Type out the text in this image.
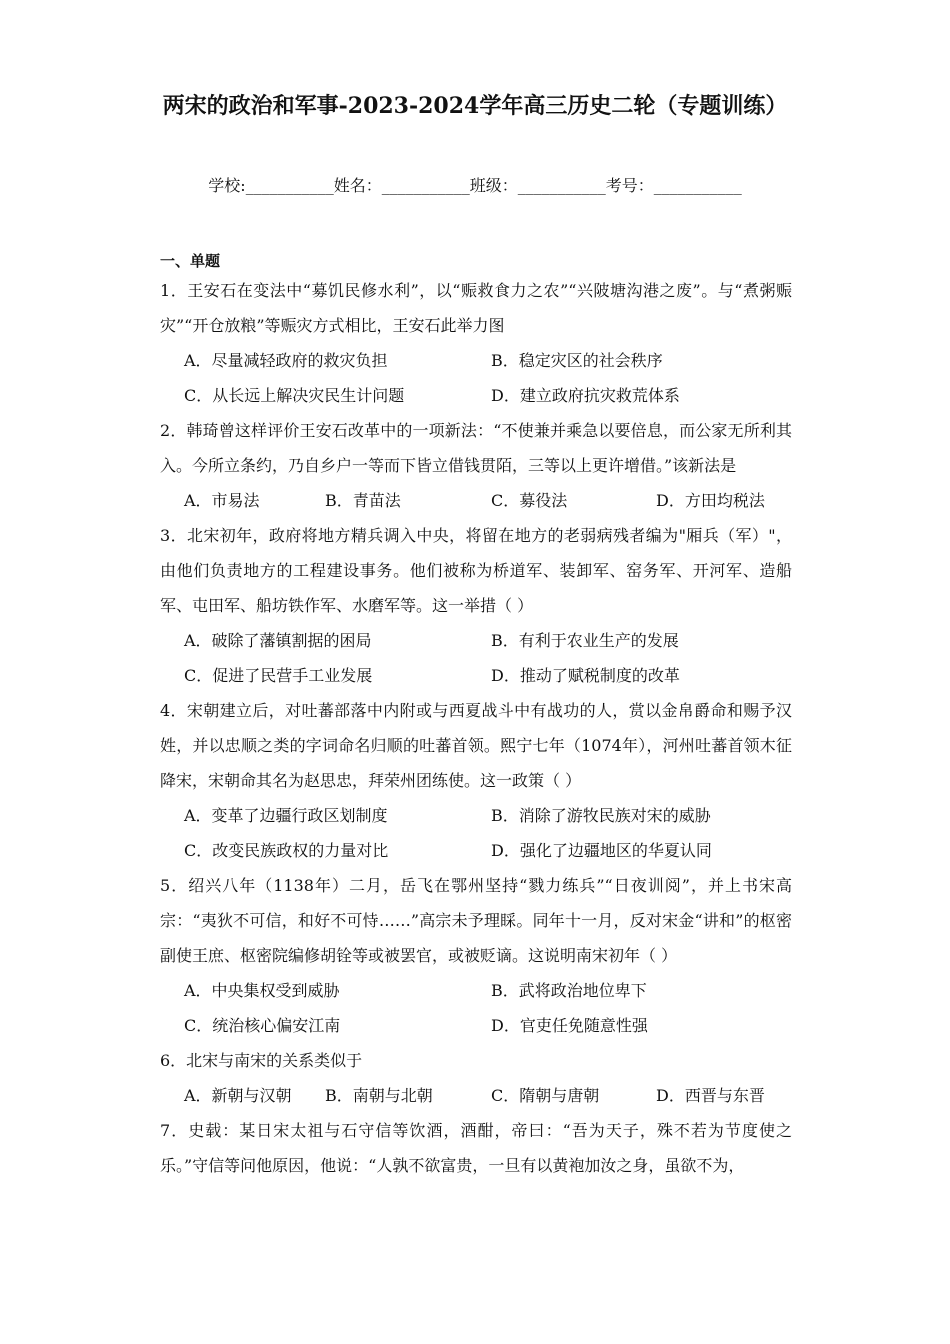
两宋的政治和军事-2023-2024学年高三历史二轮（专题训练）
学校:___________姓名：___________班级：___________考号：___________
一、单题

1．王安石在变法中“募饥民修水利”，以“赈救食力之农”“兴陂塘沟港之废”。与“煮粥赈灾”“开仓放粮”等赈灾方式相比，王安石此举力图

A．尽量减轻政府的救灾负担	B．稳定灾区的社会秩序
C．从长远上解决灾民生计问题	D．建立政府抗灾救荒体系

2．韩琦曾这样评价王安石改革中的一项新法：“不使兼并乘急以要倍息，而公家无所利其入。今所立条约，乃自乡户一等而下皆立借钱贯陌，三等以上更许增借。”该新法是

A．市易法	B．青苗法	C．募役法	D．方田均税法

3．北宋初年，政府将地方精兵调入中央，将留在地方的老弱病残者编为"厢兵（军）"，由他们负责地方的工程建设事务。他们被称为桥道军、装卸军、窑务军、开河军、造船军、屯田军、船坊铁作军、水磨军等。这一举措（ ）

A．破除了藩镇割据的困局	B．有利于农业生产的发展
C．促进了民营手工业发展	D．推动了赋税制度的改革

4．宋朝建立后，对吐蕃部落中内附或与西夏战斗中有战功的人，赏以金帛爵命和赐予汉姓，并以忠顺之类的字词命名归顺的吐蕃首领。熙宁七年（1074年），河州吐蕃首领木征降宋，宋朝命其名为赵思忠，拜荣州团练使。这一政策（ ）

A．变革了边疆行政区划制度	B．消除了游牧民族对宋的威胁
C．改变民族政权的力量对比	D．强化了边疆地区的华夏认同

5．绍兴八年（1138年）二月，岳飞在鄂州坚持“戮力练兵”“日夜训阅”，并上书宋高宗：“夷狄不可信，和好不可恃……”高宗未予理睬。同年十一月，反对宋金“讲和”的枢密副使王庶、枢密院编修胡铨等或被罢官，或被贬谪。这说明南宋初年（ ）

A．中央集权受到威胁	B．武将政治地位卑下
C．统治核心偏安江南	D．官吏任免随意性强

6．北宋与南宋的关系类似于

A．新朝与汉朝 B．南朝与北朝	C．隋朝与唐朝	D．西晋与东晋

7．史载：某日宋太祖与石守信等饮酒，酒酣，帝曰：“吾为天子，殊不若为节度使之乐。”守信等问他原因，他说：“人孰不欲富贵，一旦有以黄袍加汝之身，虽欲不为，
